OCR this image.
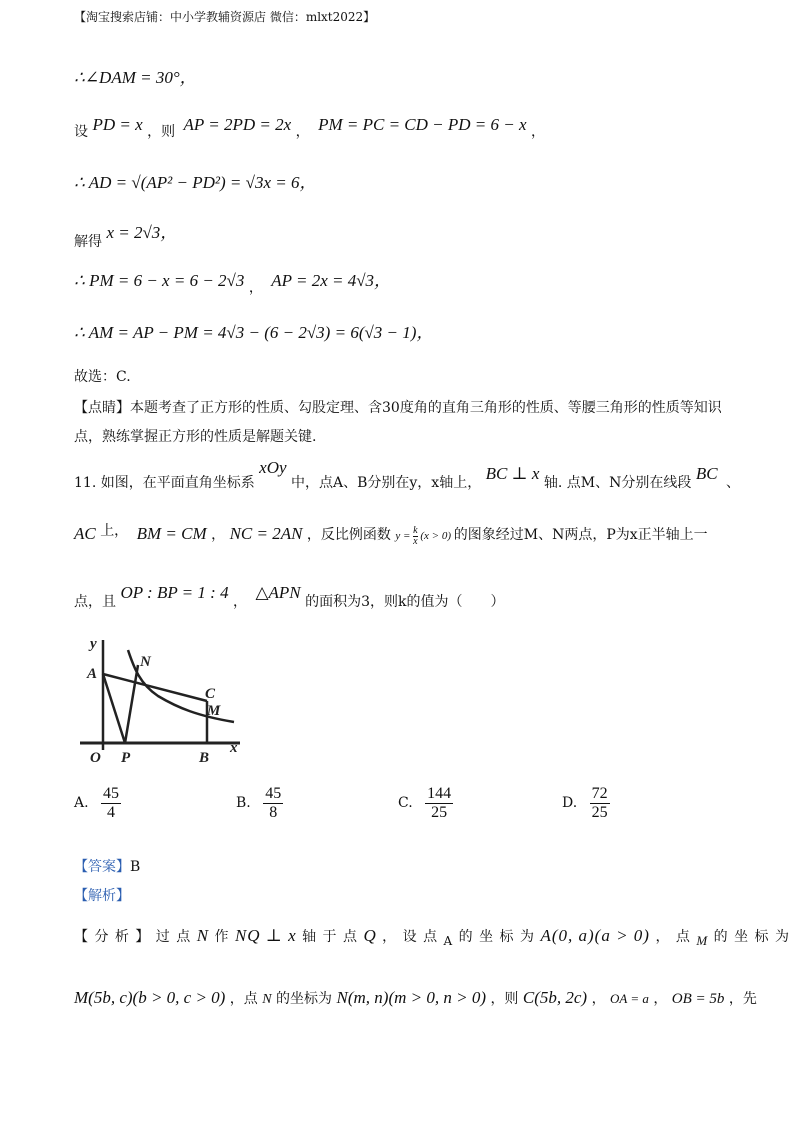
【淘宝搜索店铺：中小学教辅资源店 微信：mlxt2022】
∴∠DAM = 30°，
设 PD = x ，则 AP = 2PD = 2x ， PM = PC = CD − PD = 6 − x ，
∴ AD = √(AP² − PD²) = √3x = 6，
解得 x = 2√3，
∴ PM = 6 − x = 6 − 2√3 ， AP = 2x = 4√3，
∴ AM = AP − PM = 4√3 − (6 − 2√3) = 6(√3 − 1)，
故选：C.
【点睛】本题考查了正方形的性质、勾股定理、含30度角的直角三角形的性质、等腰三角形的性质等知识
点，熟练掌握正方形的性质是解题关键.
11. 如图，在平面直角坐标系 xOy 中，点A、B分别在y，x轴上， BC ⊥ x 轴. 点M、N分别在线段 BC 、
AC 上， BM = CM ， NC = 2AN ，反比例函数 $y = \frac{k}{x} (x > 0)$ 的图象经过M、N两点，P为x正半轴上一
点，且 OP : BP = 1 : 4 ， △APN 的面积为3，则k的值为（　　）
y
A
N
C
M
O P	B
x
A. $\frac{45}{4}$	B. $\frac{45}{8}$	C. $\frac{144}{25}$	D. $\frac{72}{25}$
【答案】B
【解析】
【 分 析 】 过 点 N 作 NQ ⊥ x 轴 于 点 Q ， 设 点 A 的 坐 标 为 A(0, a)(a > 0) ， 点 M 的 坐 标 为
M(5b, c)(b > 0, c > 0) ，点 N 的坐标为 N(m, n)(m > 0, n > 0) ，则 C(5b, 2c) ， OA = a ， OB = 5b ，先
